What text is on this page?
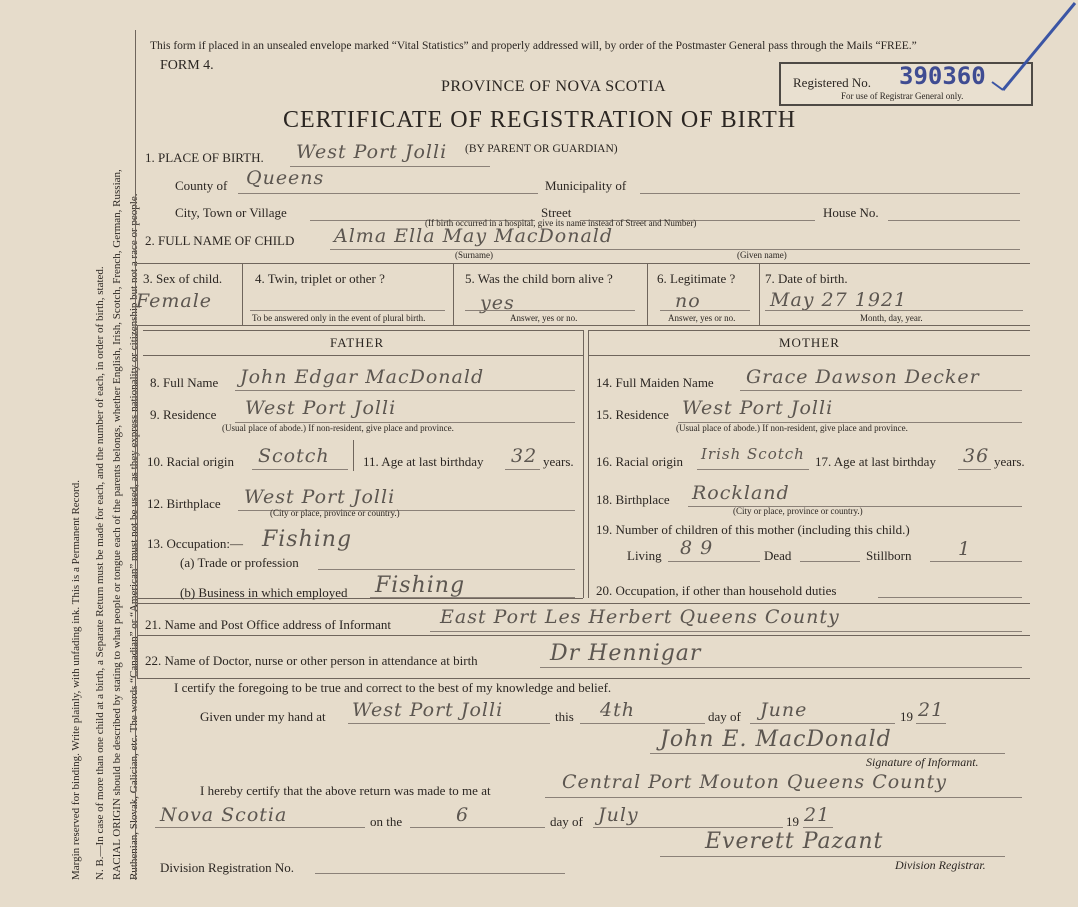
Margin reserved for binding. Write plainly, with unfading ink. This is a Permanent Record. N. B.—In case of more than one child at a birth, a Separate Return must be made for each, and the number of each, in order of birth, stated. RACIAL ORIGIN should be described by stating to what people or tongue each of the parents belongs, whether English, Irish, Scotch, French, German, Russian, Ruthenian, Slovak, Galician, etc. The words “Canadian” or “American” must not be used, as they express nationality or citizenship but not a race or people.
This form if placed in an unsealed envelope marked “Vital Statistics” and properly addressed will, by order of the Postmaster General pass through the Mails “FREE.”
FORM 4.
PROVINCE OF NOVA SCOTIA
CERTIFICATE OF REGISTRATION OF BIRTH
Registered No. 390360
For use of Registrar General only.
1. PLACE OF BIRTH. West Port Jolli (BY PARENT OR GUARDIAN)
County of Queens	Municipality of
City, Town or Village	Street	House No.
(If birth occurred in a hospital, give its name instead of Street and Number)
2. FULL NAME OF CHILD Alma Ella May MacDonald
(Surname)	(Given name)
3. Sex of child.
Female
4. Twin, triplet or other ?
To be answered only in the event of plural birth.
5. Was the child born alive ?
yes
Answer, yes or no.
6. Legitimate ?
no
Answer, yes or no.
7. Date of birth.
May 27 1921
Month, day, year.
FATHER	MOTHER
8. Full Name John Edgar MacDonald
9. Residence West Port Jolli
(Usual place of abode.) If non-resident, give place and province.
10. Racial origin Scotch	11. Age at last birthday 32 years.
12. Birthplace West Port Jolli
(City or place, province or country.)
13. Occupation:— Fishing
(a) Trade or profession
(b) Business in which employed Fishing
14. Full Maiden Name Grace Dawson Decker
15. Residence West Port Jolli
(Usual place of abode.) If non-resident, give place and province.
16. Racial origin Irish Scotch 17. Age at last birthday 36 years.
18. Birthplace Rockland
(City or place, province or country.)
19. Number of children of this mother (including this child.)
Living 8 9	Dead	Stillborn 1
20. Occupation, if other than household duties
21. Name and Post Office address of Informant	East Port Les Herbert Queens County
22. Name of Doctor, nurse or other person in attendance at birth	Dr Hennigar
I certify the foregoing to be true and correct to the best of my knowledge and belief.
Given under my hand at West Port Jolli	this 4th	day of June	19 21
John E. MacDonald
Signature of Informant.
I hereby certify that the above return was made to me at	Central Port Mouton Queens County
Nova Scotia	on the	6	day of July	19 21
Everett Pazant
Division Registration No.	Division Registrar.
